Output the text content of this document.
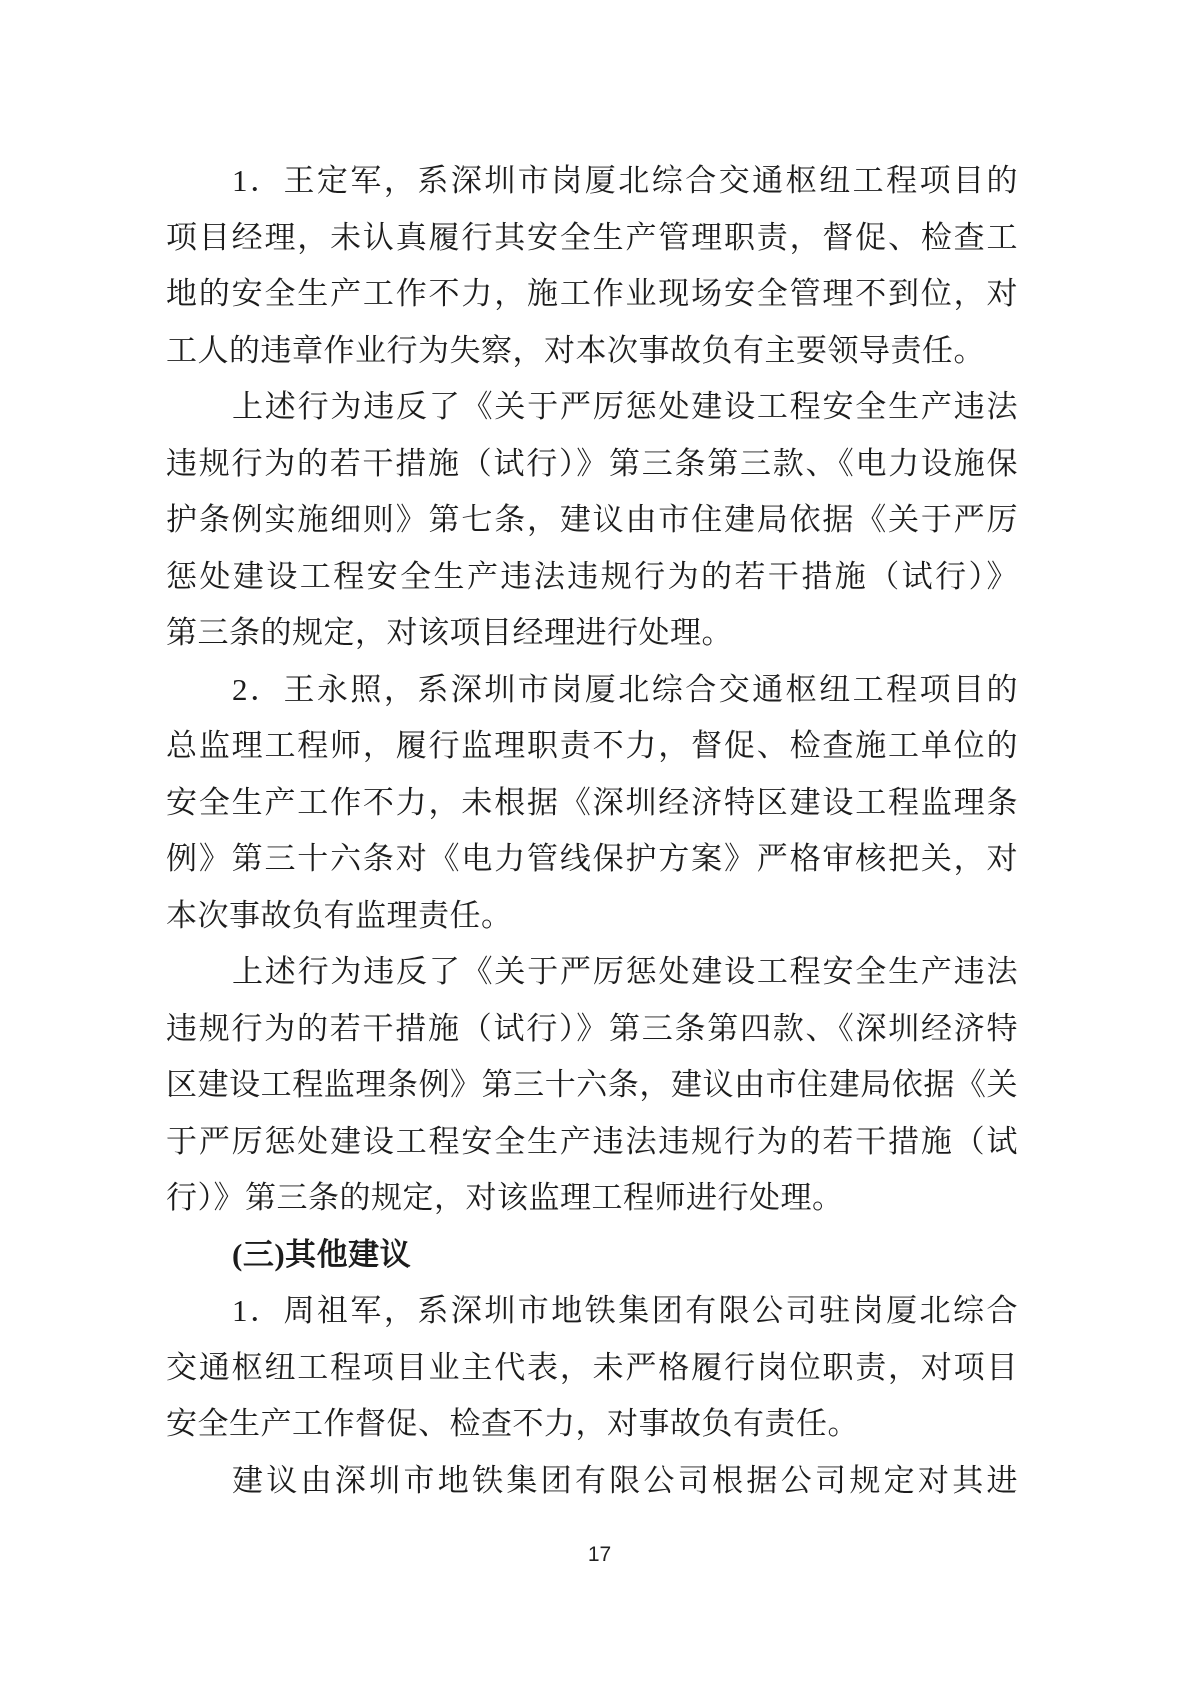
1．王定军，系深圳市岗厦北综合交通枢纽工程项目的
项目经理，未认真履行其安全生产管理职责，督促、检查工
地的安全生产工作不力，施工作业现场安全管理不到位，对
工人的违章作业行为失察，对本次事故负有主要领导责任。
上述行为违反了《关于严厉惩处建设工程安全生产违法
违规行为的若干措施（试行）》第三条第三款、《电力设施保
护条例实施细则》第七条，建议由市住建局依据《关于严厉
惩处建设工程安全生产违法违规行为的若干措施（试行）》
第三条的规定，对该项目经理进行处理。
2．王永照，系深圳市岗厦北综合交通枢纽工程项目的
总监理工程师，履行监理职责不力，督促、检查施工单位的
安全生产工作不力，未根据《深圳经济特区建设工程监理条
例》第三十六条对《电力管线保护方案》严格审核把关，对
本次事故负有监理责任。
上述行为违反了《关于严厉惩处建设工程安全生产违法
违规行为的若干措施（试行）》第三条第四款、《深圳经济特
区建设工程监理条例》第三十六条，建议由市住建局依据《关
于严厉惩处建设工程安全生产违法违规行为的若干措施（试
行）》第三条的规定，对该监理工程师进行处理。
(三)其他建议
1．周祖军，系深圳市地铁集团有限公司驻岗厦北综合
交通枢纽工程项目业主代表，未严格履行岗位职责，对项目
安全生产工作督促、检查不力，对事故负有责任。
建议由深圳市地铁集团有限公司根据公司规定对其进
17
